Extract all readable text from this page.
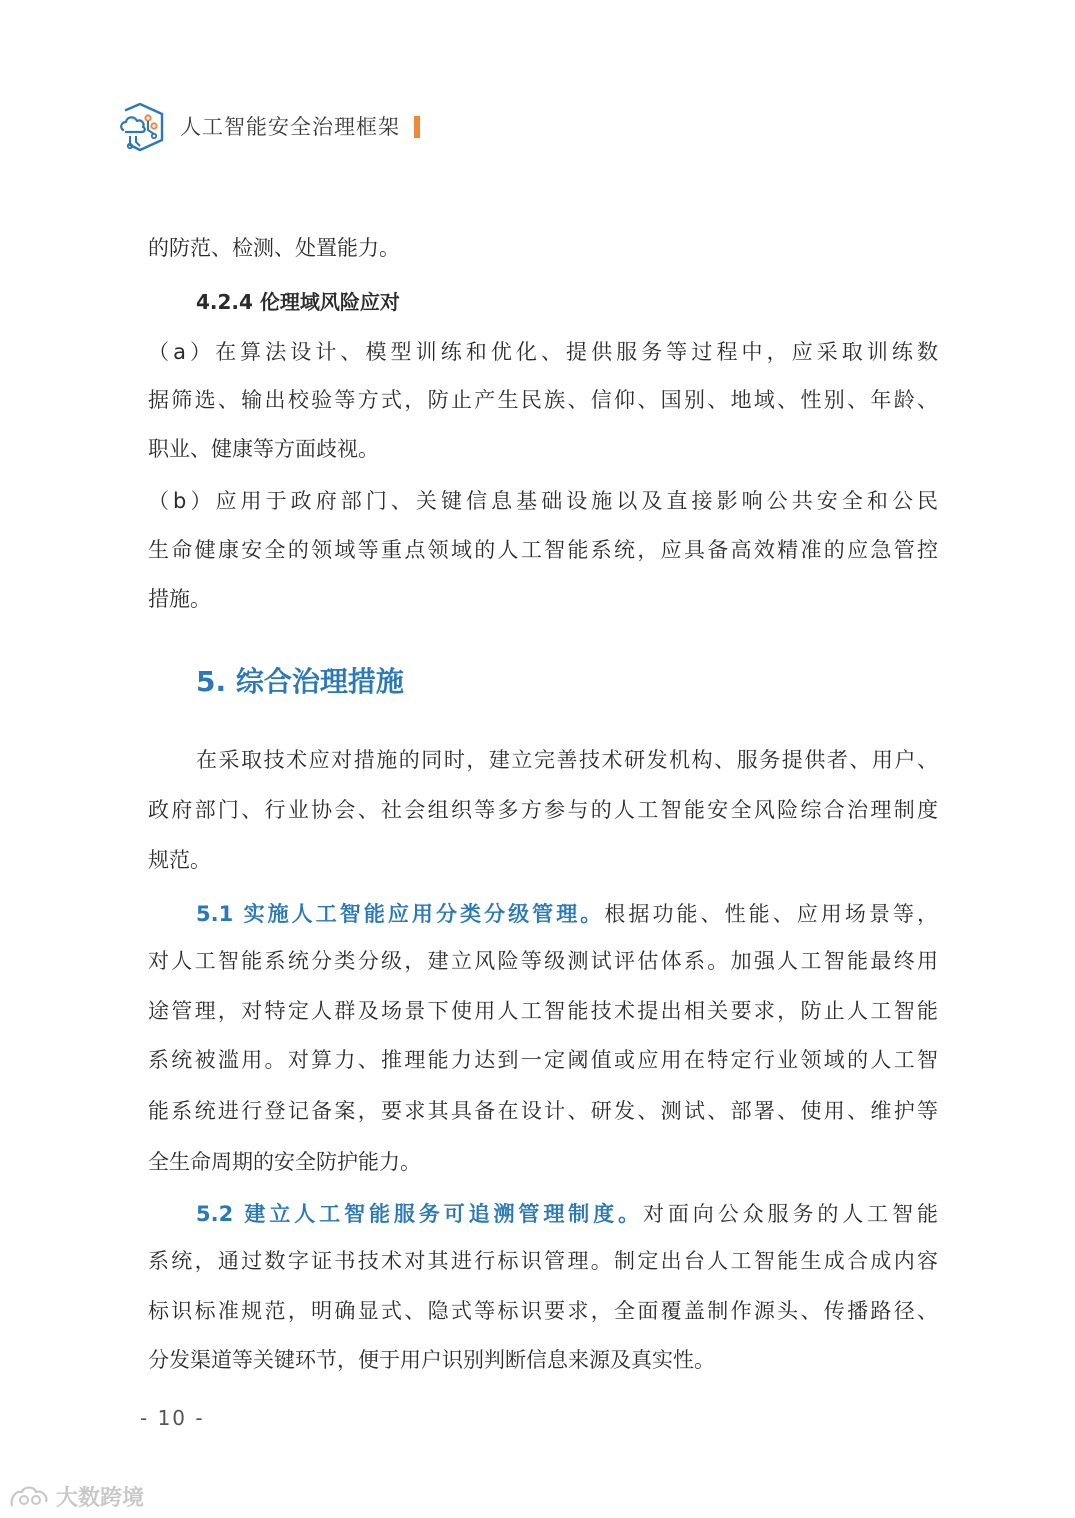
人工智能安全治理框架
的防范、检测、处置能力。
4.2.4 伦理域风险应对
（a）在算法设计、模型训练和优化、提供服务等过程中，应采取训练数
据筛选、输出校验等方式，防止产生民族、信仰、国别、地域、性别、年龄、
职业、健康等方面歧视。
（b）应用于政府部门、关键信息基础设施以及直接影响公共安全和公民
生命健康安全的领域等重点领域的人工智能系统，应具备高效精准的应急管控
措施。
5. 综合治理措施
在采取技术应对措施的同时，建立完善技术研发机构、服务提供者、用户、
政府部门、行业协会、社会组织等多方参与的人工智能安全风险综合治理制度
规范。
5.1 实施人工智能应用分类分级管理。根据功能、性能、应用场景等，
对人工智能系统分类分级，建立风险等级测试评估体系。加强人工智能最终用
途管理，对特定人群及场景下使用人工智能技术提出相关要求，防止人工智能
系统被滥用。对算力、推理能力达到一定阈值或应用在特定行业领域的人工智
能系统进行登记备案，要求其具备在设计、研发、测试、部署、使用、维护等
全生命周期的安全防护能力。
5.2 建立人工智能服务可追溯管理制度。对面向公众服务的人工智能
系统，通过数字证书技术对其进行标识管理。制定出台人工智能生成合成内容
标识标准规范，明确显式、隐式等标识要求，全面覆盖制作源头、传播路径、
分发渠道等关键环节，便于用户识别判断信息来源及真实性。
- 10 -
大数跨境
